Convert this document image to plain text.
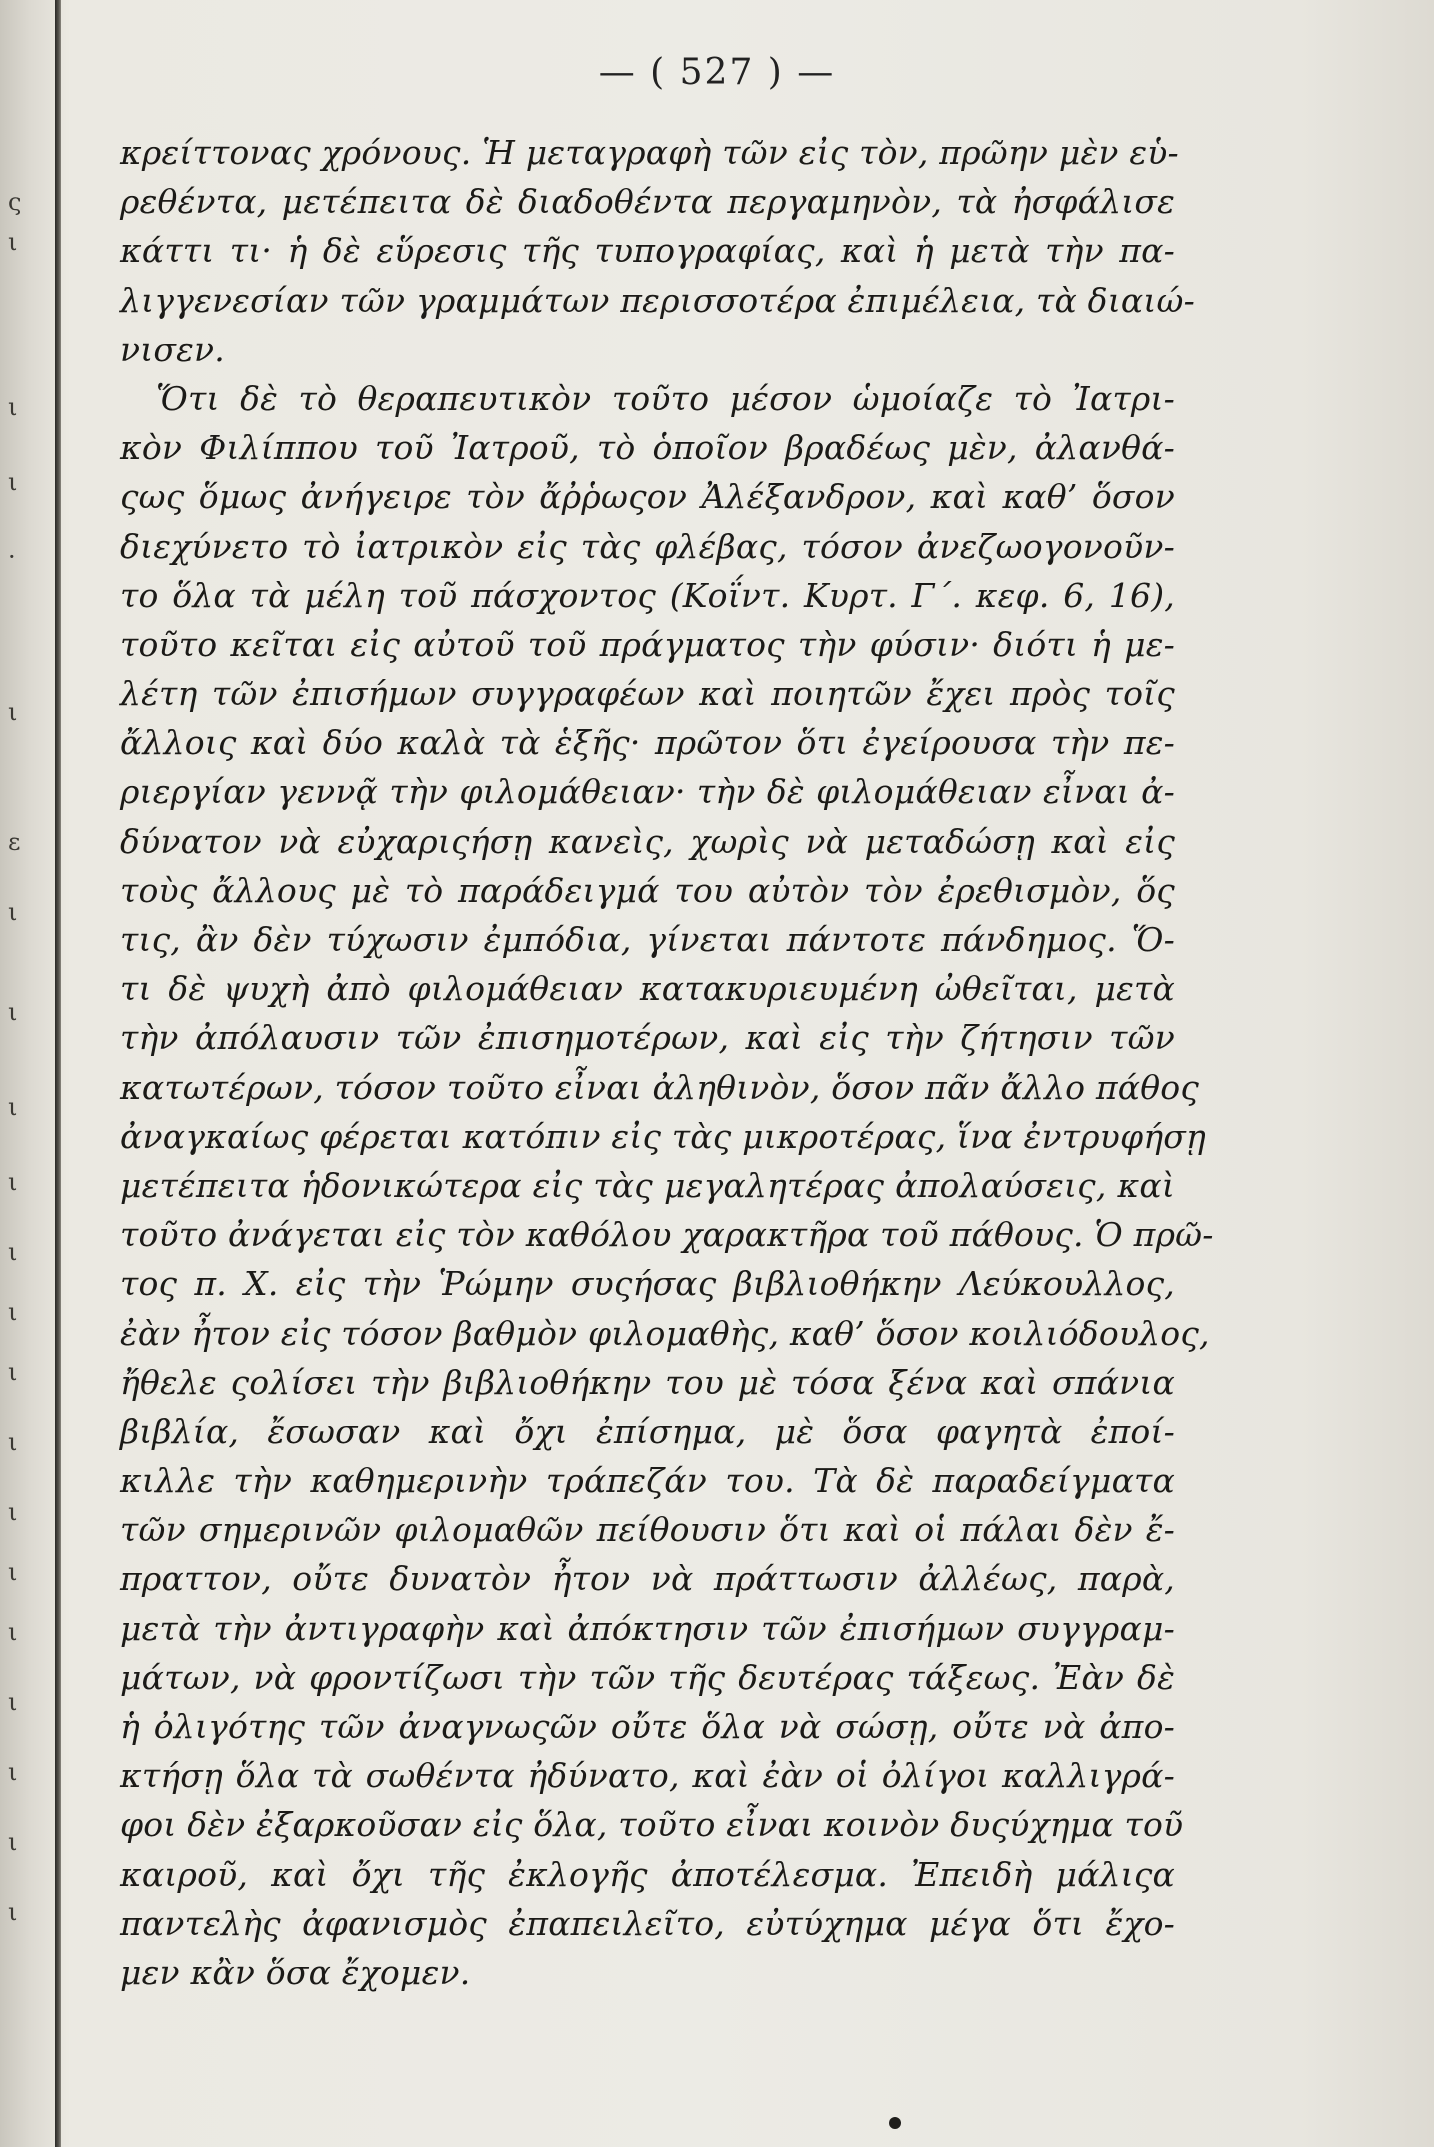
ς
ι
ι
ι
·
ι
ε
ι
ι
ι
ι
ι
ι
ι
ι
ι
ι
ι
ι
ι
ι
ι
— ( 527 ) —
κρείττονας χρόνους. Ἡ μεταγραφὴ τῶν εἰς τὸν, πρῶην μὲν εὑ-
ρεθέντα, μετέπειτα δὲ διαδοθέντα περγαμηνὸν, τὰ ἠσφάλισε
κάττι τι· ἡ δὲ εὕρεσις τῆς τυπογραφίας, καὶ ἡ μετὰ τὴν πα-
λιγγενεσίαν τῶν γραμμάτων περισσοτέρα ἐπιμέλεια, τὰ διαιώ-
νισεν.
Ὅτι δὲ τὸ θεραπευτικὸν τοῦτο μέσον ὡμοίαζε τὸ Ἰατρι-
κὸν Φιλίππου τοῦ Ἰατροῦ, τὸ ὁποῖον βραδέως μὲν, ἀλανθά-
ςως ὅμως ἀνήγειρε τὸν ἄῤῥωςον Ἀλέξανδρον, καὶ καθ’ ὅσον
διεχύνετο τὸ ἰατρικὸν εἰς τὰς φλέβας, τόσον ἀνεζωογονοῦν-
το ὅλα τὰ μέλη τοῦ πάσχοντος (Κοΐντ. Κυρτ. Γ΄. κεφ. 6, 16),
τοῦτο κεῖται εἰς αὐτοῦ τοῦ πράγματος τὴν φύσιν· διότι ἡ με-
λέτη τῶν ἐπισήμων συγγραφέων καὶ ποιητῶν ἔχει πρὸς τοῖς
ἄλλοις καὶ δύο καλὰ τὰ ἑξῆς· πρῶτον ὅτι ἐγείρουσα τὴν πε-
ριεργίαν γεννᾷ τὴν φιλομάθειαν· τὴν δὲ φιλομάθειαν εἶναι ἀ-
δύνατον νὰ εὐχαριςήσῃ κανεὶς, χωρὶς νὰ μεταδώσῃ καὶ εἰς
τοὺς ἄλλους μὲ τὸ παράδειγμά του αὐτὸν τὸν ἐρεθισμὸν, ὅς
τις, ἂν δὲν τύχωσιν ἐμπόδια, γίνεται πάντοτε πάνδημος. Ὅ-
τι δὲ ψυχὴ ἀπὸ φιλομάθειαν κατακυριευμένη ὠθεῖται, μετὰ
τὴν ἀπόλαυσιν τῶν ἐπισημοτέρων, καὶ εἰς τὴν ζήτησιν τῶν
κατωτέρων, τόσον τοῦτο εἶναι ἀληθινὸν, ὅσον πᾶν ἄλλο πάθος
ἀναγκαίως φέρεται κατόπιν εἰς τὰς μικροτέρας, ἵνα ἐντρυφήσῃ
μετέπειτα ἡδονικώτερα εἰς τὰς μεγαλητέρας ἀπολαύσεις, καὶ
τοῦτο ἀνάγεται εἰς τὸν καθόλου χαρακτῆρα τοῦ πάθους. Ὁ πρῶ-
τος π. Χ. εἰς τὴν Ῥώμην συςήσας βιβλιοθήκην Λεύκουλλος,
ἐὰν ἦτον εἰς τόσον βαθμὸν φιλομαθὴς, καθ’ ὅσον κοιλιόδουλος,
ἤθελε ςολίσει τὴν βιβλιοθήκην του μὲ τόσα ξένα καὶ σπάνια
βιβλία, ἔσωσαν καὶ ὄχι ἐπίσημα, μὲ ὅσα φαγητὰ ἐποί-
κιλλε τὴν καθημερινὴν τράπεζάν του. Τὰ δὲ παραδείγματα
τῶν σημερινῶν φιλομαθῶν πείθουσιν ὅτι καὶ οἱ πάλαι δὲν ἔ-
πραττον, οὔτε δυνατὸν ἦτον νὰ πράττωσιν ἀλλέως, παρὰ,
μετὰ τὴν ἀντιγραφὴν καὶ ἀπόκτησιν τῶν ἐπισήμων συγγραμ-
μάτων, νὰ φροντίζωσι τὴν τῶν τῆς δευτέρας τάξεως. Ἐὰν δὲ
ἡ ὀλιγότης τῶν ἀναγνωςῶν οὔτε ὅλα νὰ σώσῃ, οὔτε νὰ ἀπο-
κτήσῃ ὅλα τὰ σωθέντα ἠδύνατο, καὶ ἐὰν οἱ ὀλίγοι καλλιγρά-
φοι δὲν ἐξαρκοῦσαν εἰς ὅλα, τοῦτο εἶναι κοινὸν δυςύχημα τοῦ
καιροῦ, καὶ ὄχι τῆς ἐκλογῆς ἀποτέλεσμα. Ἐπειδὴ μάλιςα
παντελὴς ἀφανισμὸς ἐπαπειλεῖτο, εὐτύχημα μέγα ὅτι ἔχο-
μεν κἂν ὅσα ἔχομεν.
